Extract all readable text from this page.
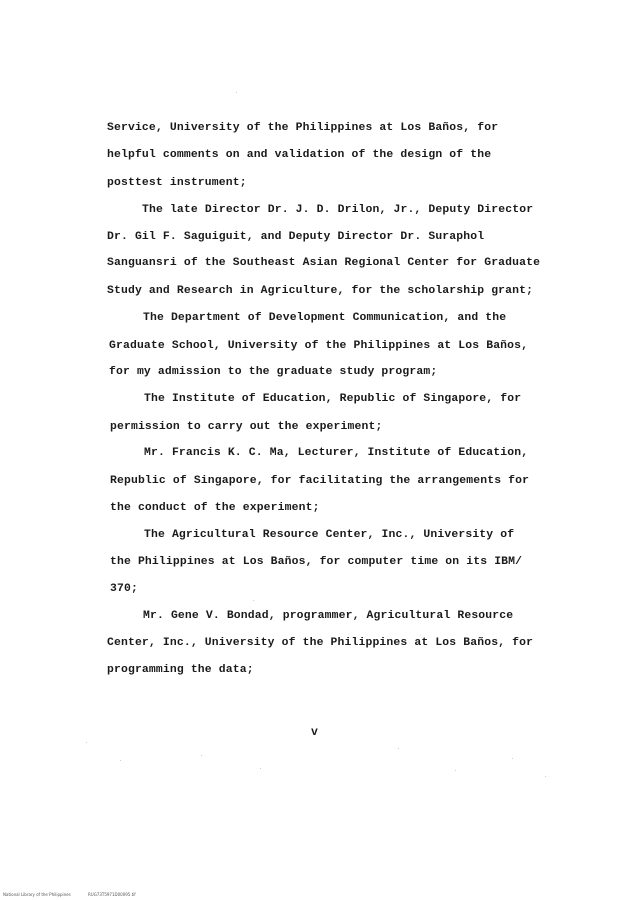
Service, University of the Philippines at Los Baños, for
helpful comments on and validation of the design of the
posttest instrument;
The late Director Dr. J. D. Drilon, Jr., Deputy Director
Dr. Gil F. Saguiguit, and Deputy Director Dr. Suraphol
Sanguansri of the Southeast Asian Regional Center for Graduate
Study and Research in Agriculture, for the scholarship grant;
The Department of Development Communication, and the
Graduate School, University of the Philippines at Los Baños,
for my admission to the graduate study program;
The Institute of Education, Republic of Singapore, for
permission to carry out the experiment;
Mr. Francis K. C. Ma, Lecturer, Institute of Education,
Republic of Singapore, for facilitating the arrangements for
the conduct of the experiment;
The Agricultural Resource Center, Inc., University of
the Philippines at Los Baños, for computer time on its IBM/
370;
Mr. Gene V. Bondad, programmer, Agricultural Resource
Center, Inc., University of the Philippines at Los Baños, for
programming the data;
v
National Library of the Philippines	RUG73T5971D00095.tif
